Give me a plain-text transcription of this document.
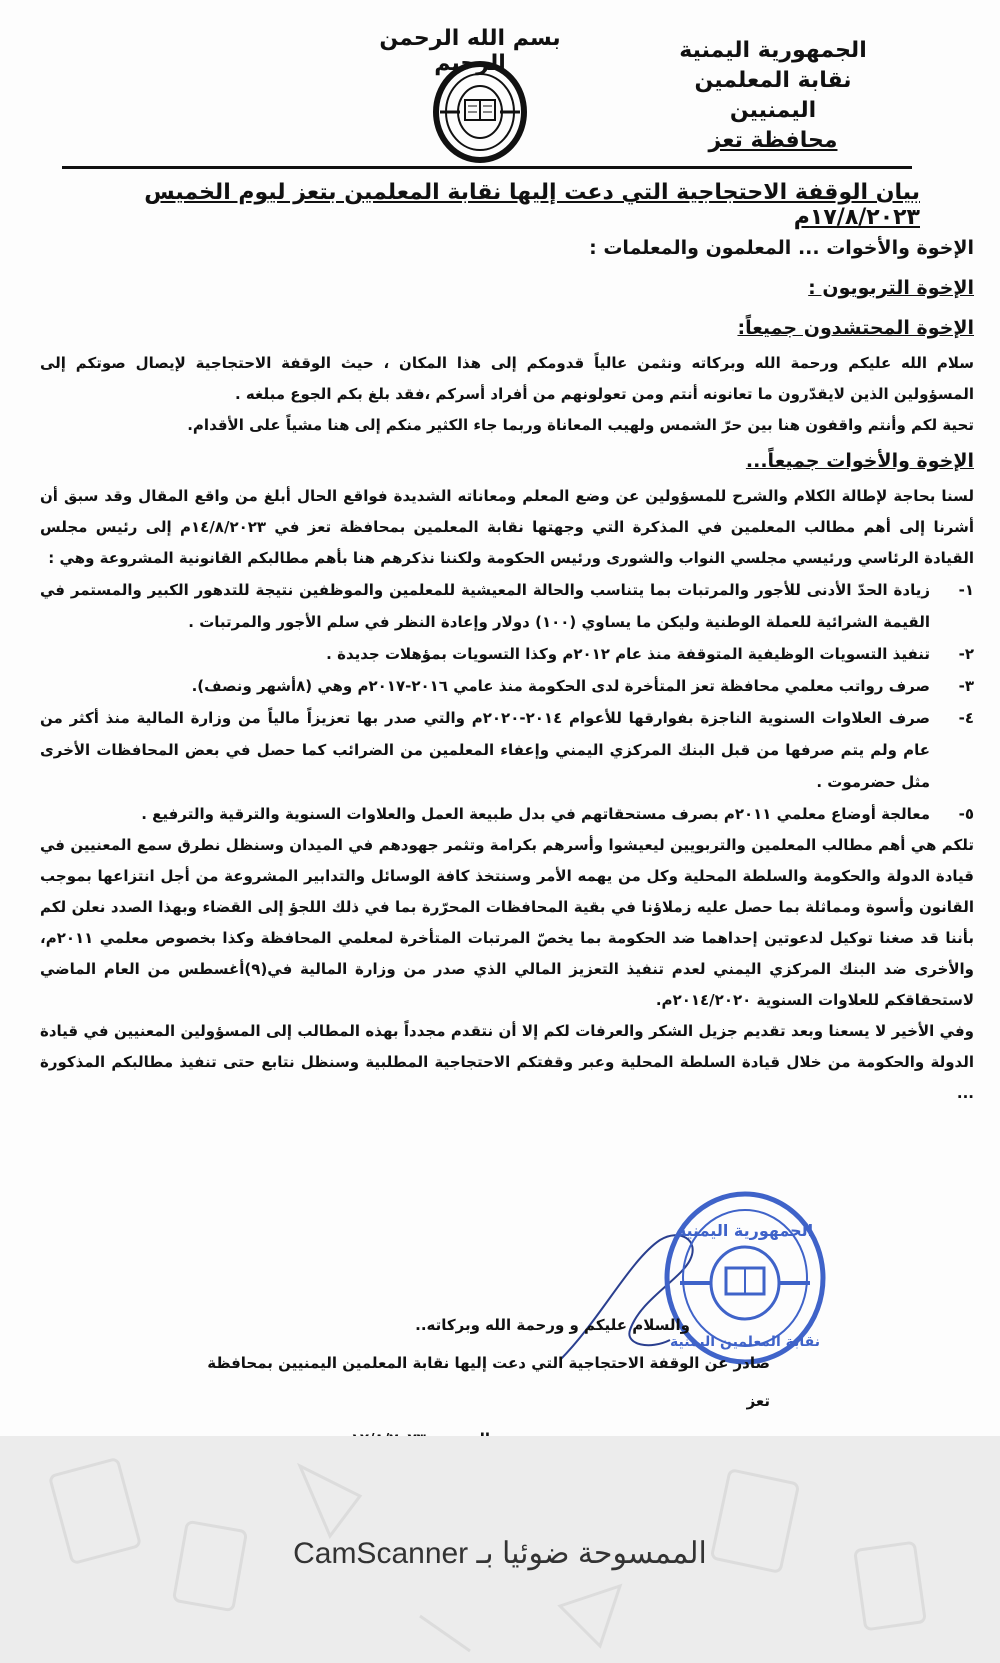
الجمهورية اليمنية
نقابة المعلمين اليمنيين
محافظة تعز
بسم الله الرحمن الرحيم
بيان الوقفة الاحتجاجية التي دعت إليها نقابة المعلمين بتعز ليوم الخميس ١٧/٨/٢٠٢٣م
الإخوة والأخوات ... المعلمون والمعلمات :
الإخوة التربويون :
الإخوة المحتشدون جميعاً:
سلام الله عليكم ورحمة الله وبركاته ونثمن عالياً قدومكم إلى هذا المكان ، حيث الوقفة الاحتجاجية لإيصال صوتكم إلى المسؤولين الذين لايقدّرون ما تعانونه أنتم ومن تعولونهم من أفراد أسركم ،فقد بلغ بكم الجوع مبلغه .
تحية لكم وأنتم واقفون هنا بين حرّ الشمس ولهيب المعاناة وربما جاء الكثير منكم إلى هنا مشياً على الأقدام.
الإخوة والأخوات جميعاً...
لسنا بحاجة لإطالة الكلام والشرح للمسؤولين عن وضع المعلم ومعاناته الشديدة فواقع الحال أبلغ من واقع المقال وقد سبق أن أشرنا إلى أهم مطالب المعلمين في المذكرة التي وجهتها نقابة المعلمين بمحافظة تعز في ١٤/٨/٢٠٢٣م إلى رئيس مجلس القيادة الرئاسي ورئيسي مجلسي النواب والشورى ورئيس الحكومة ولكننا نذكرهم هنا بأهم مطالبكم القانونية المشروعة وهي :
١-
زيادة الحدّ الأدنى للأجور والمرتبات بما يتناسب والحالة المعيشية للمعلمين والموظفين نتيجة للتدهور الكبير والمستمر في القيمة الشرائية للعملة الوطنية وليكن ما يساوي (١٠٠) دولار وإعادة النظر في سلم الأجور والمرتبات .
٢-
تنفيذ التسويات الوظيفية المتوقفة منذ عام ٢٠١٢م وكذا التسويات بمؤهلات جديدة .
٣-
صرف رواتب معلمي محافظة تعز المتأخرة لدى الحكومة منذ عامي ٢٠١٦-٢٠١٧م وهي (٨أشهر ونصف).
٤-
صرف العلاوات السنوية الناجزة بفوارقها للأعوام ٢٠١٤-٢٠٢٠م والتي صدر بها تعزيزاً مالياً من وزارة المالية منذ أكثر من عام ولم يتم صرفها من قبل البنك المركزي اليمني وإعفاء المعلمين من الضرائب كما حصل في بعض المحافظات الأخرى مثل حضرموت .
٥-
معالجة أوضاع معلمي ٢٠١١م بصرف مستحقاتهم في بدل طبيعة العمل والعلاوات السنوية والترقية والترفيع .
تلكم هي أهم مطالب المعلمين والتربويين ليعيشوا وأسرهم بكرامة وتثمر جهودهم في الميدان وسنظل نطرق سمع المعنيين في قيادة الدولة والحكومة والسلطة المحلية وكل من يهمه الأمر وسنتخذ كافة الوسائل والتدابير المشروعة من أجل انتزاعها بموجب القانون وأسوة ومماثلة بما حصل عليه زملاؤنا في بقية المحافظات المحرّرة بما في ذلك اللجؤ إلى القضاء وبهذا الصدد نعلن لكم بأننا قد صغنا توكيل لدعوتين إحداهما ضد الحكومة بما يخصّ المرتبات المتأخرة لمعلمي المحافظة وكذا بخصوص معلمي ٢٠١١م، والأخرى ضد البنك المركزي اليمني لعدم تنفيذ التعزيز المالي الذي صدر من وزارة المالية في(٩)أغسطس من العام الماضي لاستحقاقكم للعلاوات السنوية ٢٠١٤/٢٠٢٠م.
وفي الأخير لا يسعنا وبعد تقديم جزيل الشكر والعرفات لكم إلا أن نتقدم مجدداً بهذه المطالب إلى المسؤولين المعنيين في قيادة الدولة والحكومة من خلال قيادة السلطة المحلية وعبر وقفتكم الاحتجاجية المطلبية وسنظل نتابع حتى تنفيذ مطالبكم المذكورة ...
الجمهورية اليمنية
نقابة المعلمين اليمنية
والسلام عليكم و ورحمة الله وبركاته..
صادر عن الوقفة الاحتجاجية التي دعت إليها نقابة المعلمين اليمنيين بمحافظة تعز
الممسوحة ضوئيا بـ CamScanner
